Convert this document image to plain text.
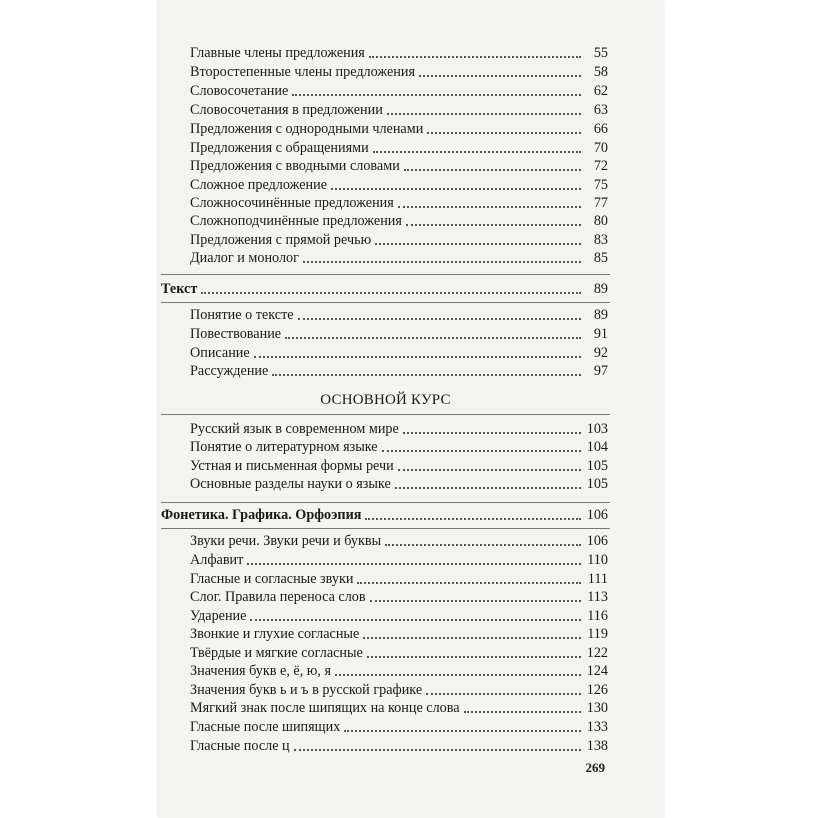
Главные члены предложения	55
Второстепенные члены предложения	58
Словосочетание	62
Словосочетания в предложении	63
Предложения с однородными членами	66
Предложения с обращениями	70
Предложения с вводными словами	72
Сложное предложение	75
Сложносочинённые предложения	77
Сложноподчинённые предложения	80
Предложения с прямой речью	83
Диалог и монолог	85
Текст	89
Понятие о тексте	89
Повествование	91
Описание	92
Рассуждение	97
ОСНОВНОЙ КУРС
Русский язык в современном мире	103
Понятие о литературном языке	104
Устная и письменная формы речи	105
Основные разделы науки о языке	105
Фонетика. Графика. Орфоэпия	106
Звуки речи. Звуки речи и буквы	106
Алфавит	110
Гласные и согласные звуки	111
Слог. Правила переноса слов	113
Ударение	116
Звонкие и глухие согласные	119
Твёрдые и мягкие согласные	122
Значения букв е, ё, ю, я	124
Значения букв ь и ъ в русской графике	126
Мягкий знак после шипящих на конце слова	130
Гласные после шипящих	133
Гласные после ц	138
269
